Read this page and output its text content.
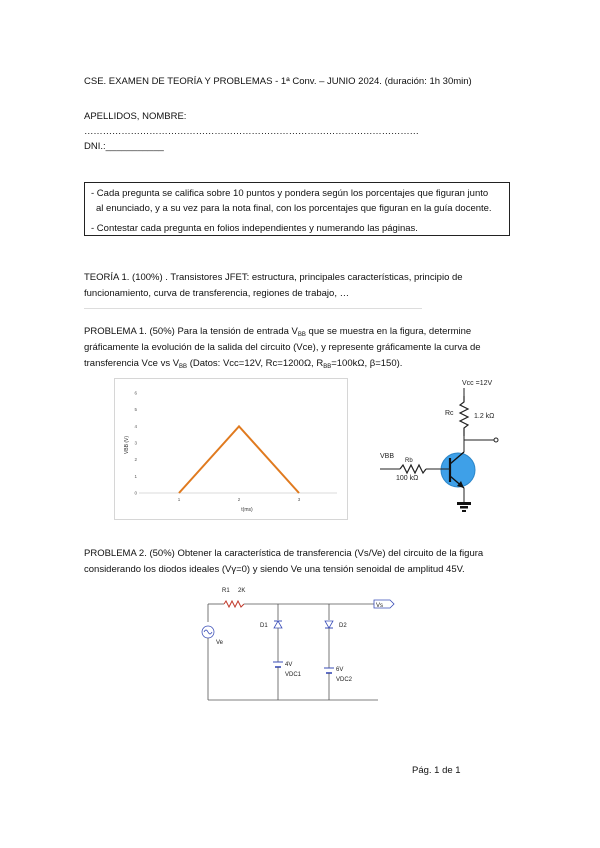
CSE. EXAMEN DE TEORÍA Y PROBLEMAS - 1ª Conv. – JUNIO 2024. (duración: 1h 30min)
APELLIDOS, NOMBRE:
………………………………………………………………………………………………
DNI.:___________

- Cada pregunta se califica sobre 10 puntos y pondera según los porcentajes que figuran junto

al enunciado, y a su vez para la nota final, con los porcentajes que figuran en la guía docente.

- Contestar cada pregunta en folios independientes y numerando las páginas.

TEORÍA 1. (100%) . Transistores JFET: estructura, principales características, principio de funcionamiento, curva de transferencia, regiones de trabajo, …
PROBLEMA 1. (50%) Para la tensión de entrada $V_{BB}$ que se muestra en la figura, determine gráficamente la evolución de la salida del circuito (Vce), y represente gráficamente la curva de transferencia Vce vs $V_{BB}$ (Datos: Vcc=12V, Rc=1200Ω, $R_{BB}=100k\Omega$, β=150).
0
1
2
3
4
5
6
1	2	3
VBB (V)
t(ms)
Vcc =12V
Rc	1.2 kΩ
VBB
Rb
100 kΩ
PROBLEMA 2. (50%) Obtener la característica de transferencia (Vs/Ve) del circuito de la figura considerando los diodos ideales (Vγ=0) y siendo Ve una tensión senoidal de amplitud 45V.
R1 2K
Vs
Ve
D1
4V
VDC1
D2
6V
VDC2
Pág. 1 de 1
